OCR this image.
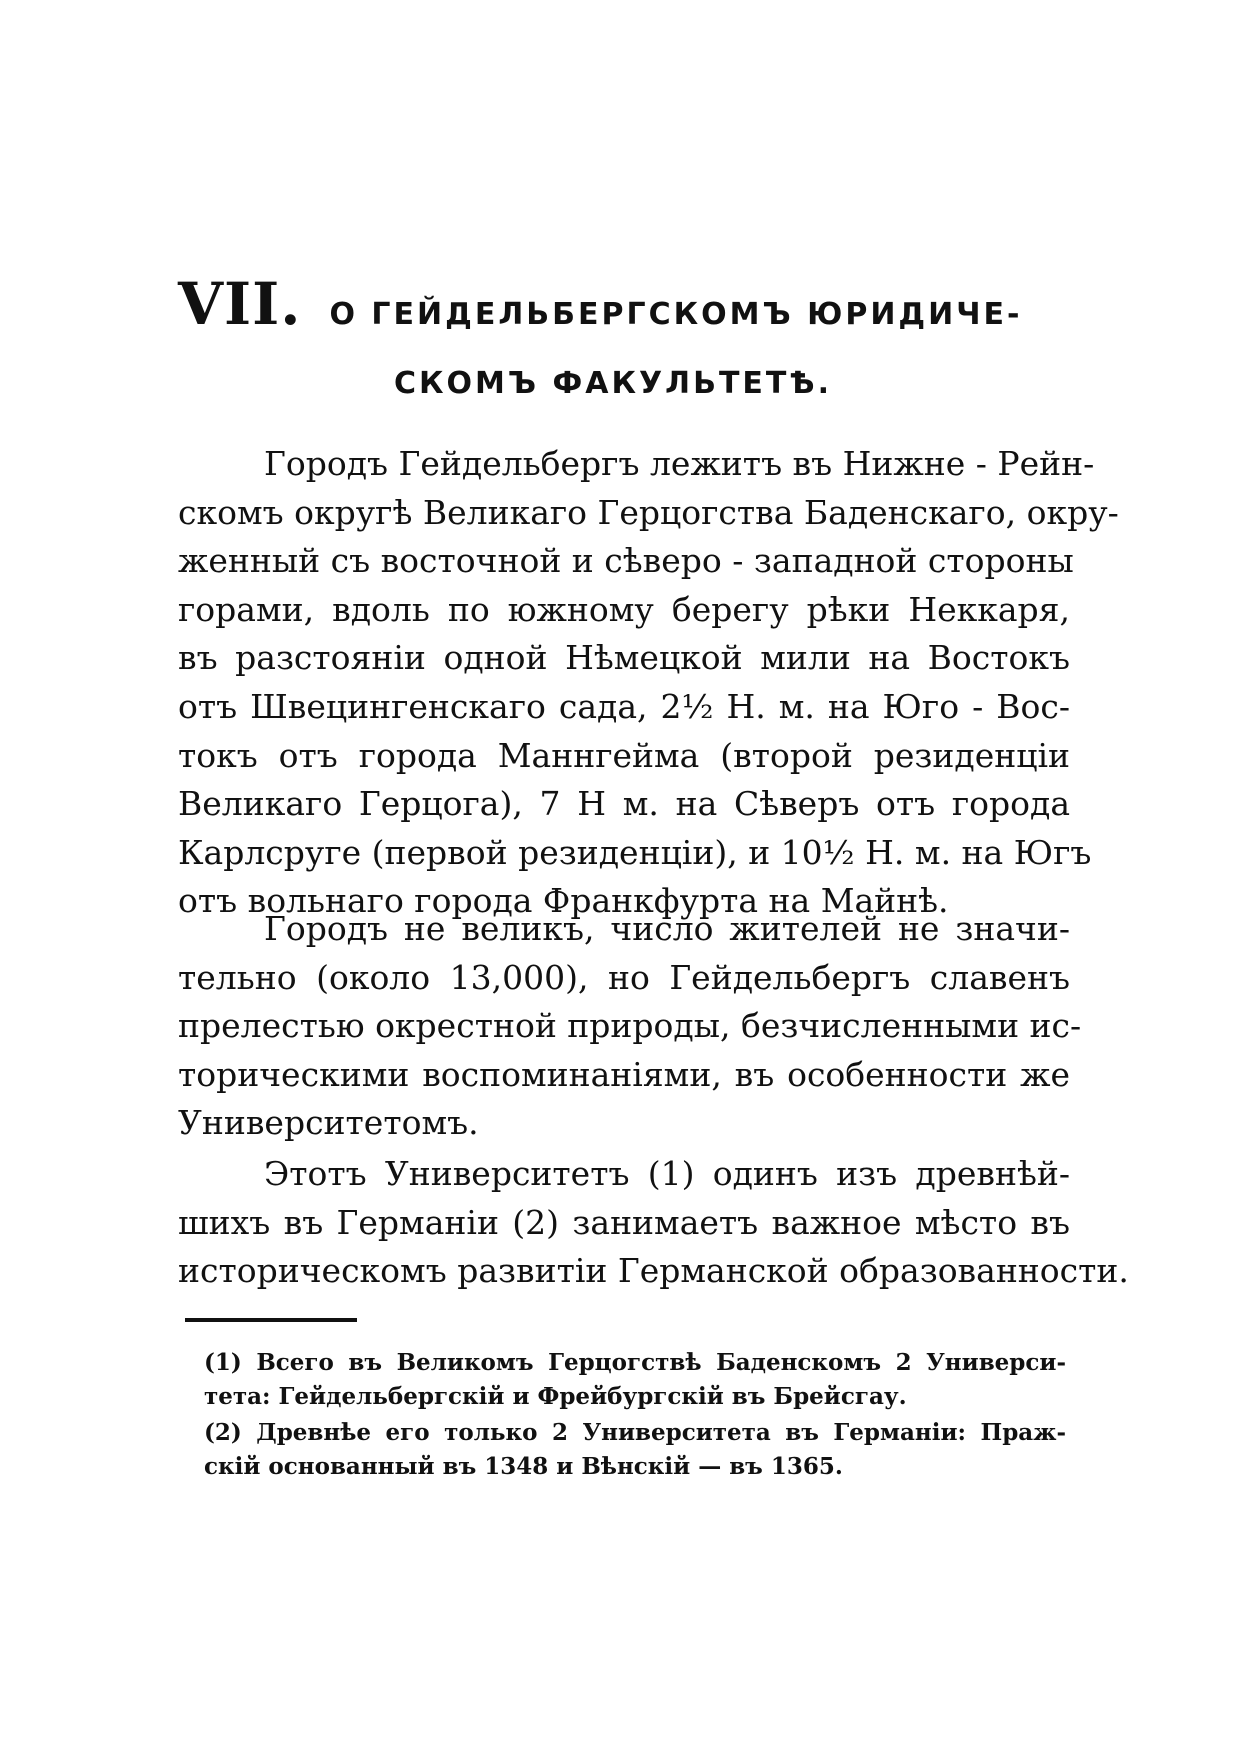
VII. О ГЕЙДЕЛЬБЕРГСКОМЪ ЮРИДИЧЕ-
СКОМЪ ФАКУЛЬТЕТѢ.
Городъ Гейдельбергъ лежитъ въ Нижне - Рейн-
скомъ округѣ Великаго Герцогства Баденскаго, окру-
женный съ восточной и сѣверо - западной стороны
горами, вдоль по южному берегу рѣки Неккаря,
въ разстояніи одной Нѣмецкой мили на Востокъ
отъ Швецингенскаго сада, 2½ Н. м. на Юго - Вос-
токъ отъ города Маннгейма (второй резиденціи
Великаго Герцога), 7 Н м. на Сѣверъ отъ города
Карлсруге (первой резиденціи), и 10½ Н. м. на Югъ
отъ вольнаго города Франкфурта на Майнѣ.
Городъ не великъ, число жителей не значи-
тельно (около 13,000), но Гейдельбергъ славенъ
прелестью окрестной природы, безчисленными ис-
торическими воспоминаніями, въ особенности же
Университетомъ.
Этотъ Университетъ (1) одинъ изъ древнѣй-
шихъ въ Германіи (2) занимаетъ важное мѣсто въ
историческомъ развитіи Германской образованности.
(1) Всего въ Великомъ Герцогствѣ Баденскомъ 2 Универси-
тета: Гейдельбергскій и Фрейбургскій въ Брейсгау.
(2) Древнѣе его только 2 Университета въ Германіи: Праж-
скій основанный въ 1348 и Вѣнскій — въ 1365.
